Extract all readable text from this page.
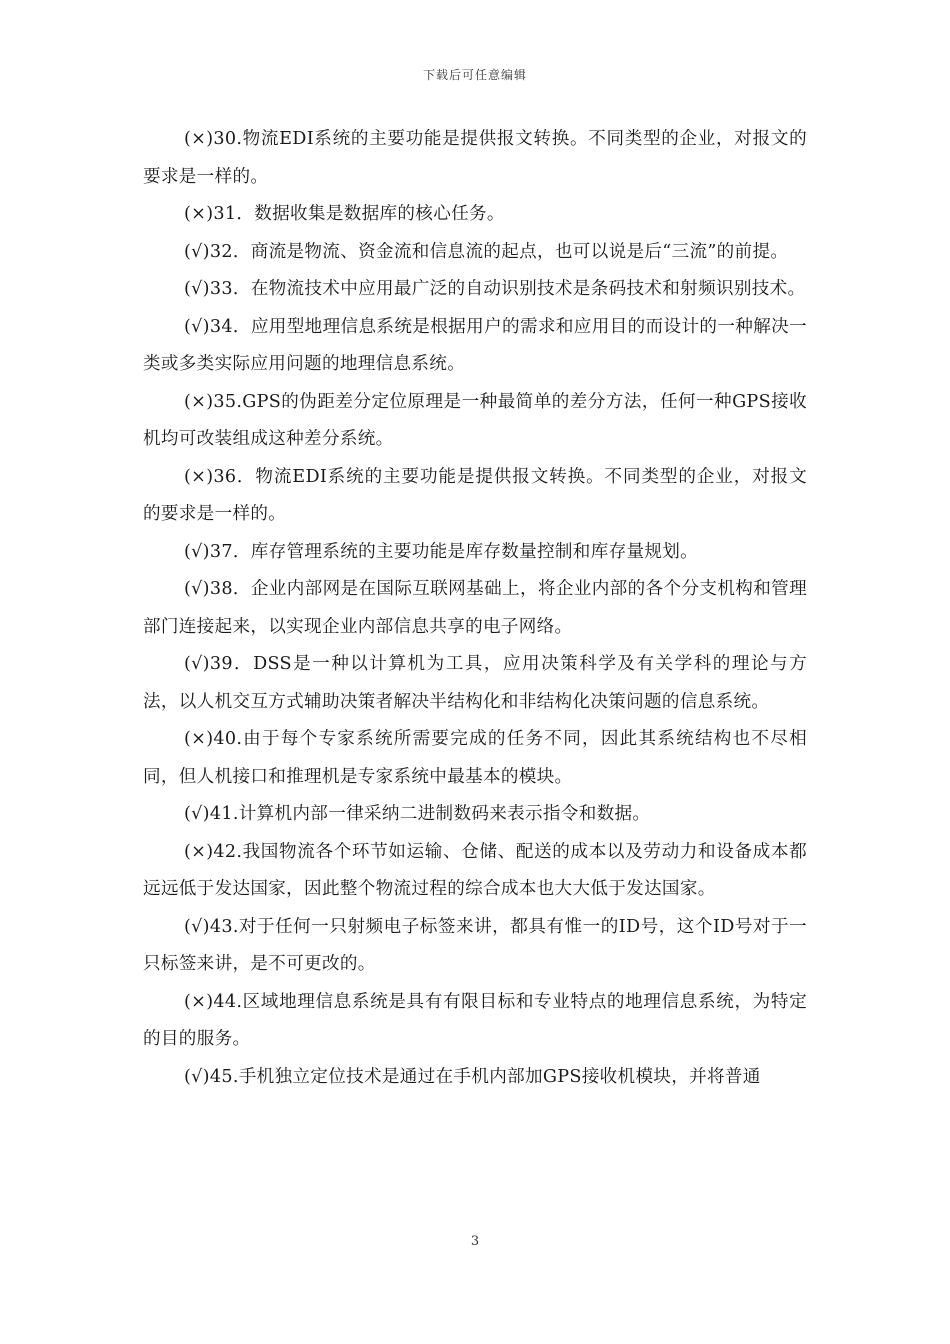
下载后可任意编辑

(×)30.物流EDI系统的主要功能是提供报文转换。不同类型的企业，对报文的要求是一样的。

(×)31．数据收集是数据库的核心任务。

(√)32．商流是物流、资金流和信息流的起点，也可以说是后“三流”的前提。

(√)33．在物流技术中应用最广泛的自动识别技术是条码技术和射频识别技术。

(√)34．应用型地理信息系统是根据用户的需求和应用目的而设计的一种解决一类或多类实际应用问题的地理信息系统。

(×)35.GPS的伪距差分定位原理是一种最简单的差分方法，任何一种GPS接收机均可改装组成这种差分系统。

(×)36．物流EDI系统的主要功能是提供报文转换。不同类型的企业，对报文的要求是一样的。

(√)37．库存管理系统的主要功能是库存数量控制和库存量规划。

(√)38．企业内部网是在国际互联网基础上，将企业内部的各个分支机构和管理部门连接起来，以实现企业内部信息共享的电子网络。

(√)39．DSS是一种以计算机为工具，应用决策科学及有关学科的理论与方法，以人机交互方式辅助决策者解决半结构化和非结构化决策问题的信息系统。

(×)40.由于每个专家系统所需要完成的任务不同，因此其系统结构也不尽相同，但人机接口和推理机是专家系统中最基本的模块。

(√)41.计算机内部一律采纳二进制数码来表示指令和数据。

(×)42.我国物流各个环节如运输、仓储、配送的成本以及劳动力和设备成本都远远低于发达国家，因此整个物流过程的综合成本也大大低于发达国家。

(√)43.对于任何一只射频电子标签来讲，都具有惟一的ID号，这个ID号对于一只标签来讲，是不可更改的。

(×)44.区域地理信息系统是具有有限目标和专业特点的地理信息系统，为特定的目的服务。

(√)45.手机独立定位技术是通过在手机内部加GPS接收机模块，并将普通

3
